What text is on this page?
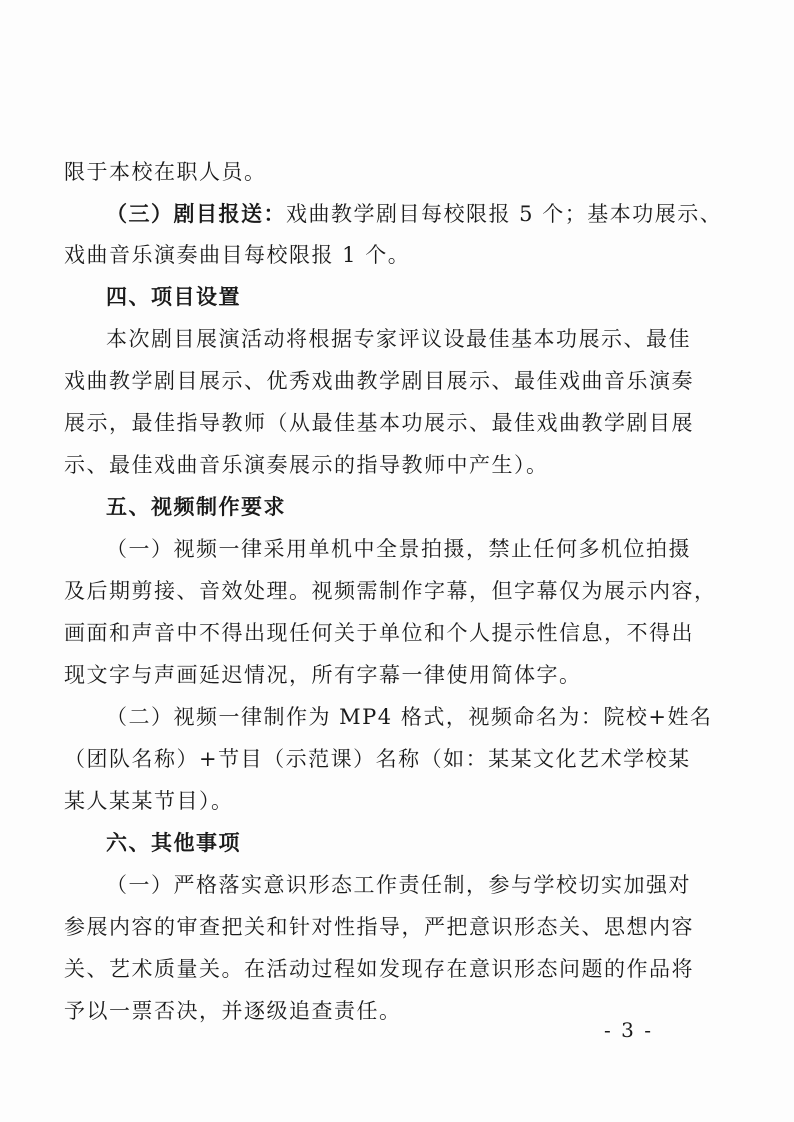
限于本校在职人员。
（三）剧目报送：戏曲教学剧目每校限报 5 个；基本功展示、
戏曲音乐演奏曲目每校限报 1 个。
四、项目设置
本次剧目展演活动将根据专家评议设最佳基本功展示、最佳
戏曲教学剧目展示、优秀戏曲教学剧目展示、最佳戏曲音乐演奏
展示，最佳指导教师（从最佳基本功展示、最佳戏曲教学剧目展
示、最佳戏曲音乐演奏展示的指导教师中产生）。
五、视频制作要求
（一）视频一律采用单机中全景拍摄，禁止任何多机位拍摄
及后期剪接、音效处理。视频需制作字幕，但字幕仅为展示内容，
画面和声音中不得出现任何关于单位和个人提示性信息，不得出
现文字与声画延迟情况，所有字幕一律使用简体字。
（二）视频一律制作为 MP4 格式，视频命名为：院校+姓名
（团队名称）+节目（示范课）名称（如：某某文化艺术学校某
某人某某节目）。
六、其他事项
（一）严格落实意识形态工作责任制，参与学校切实加强对
参展内容的审查把关和针对性指导，严把意识形态关、思想内容
关、艺术质量关。在活动过程如发现存在意识形态问题的作品将
予以一票否决，并逐级追查责任。
- 3 -
